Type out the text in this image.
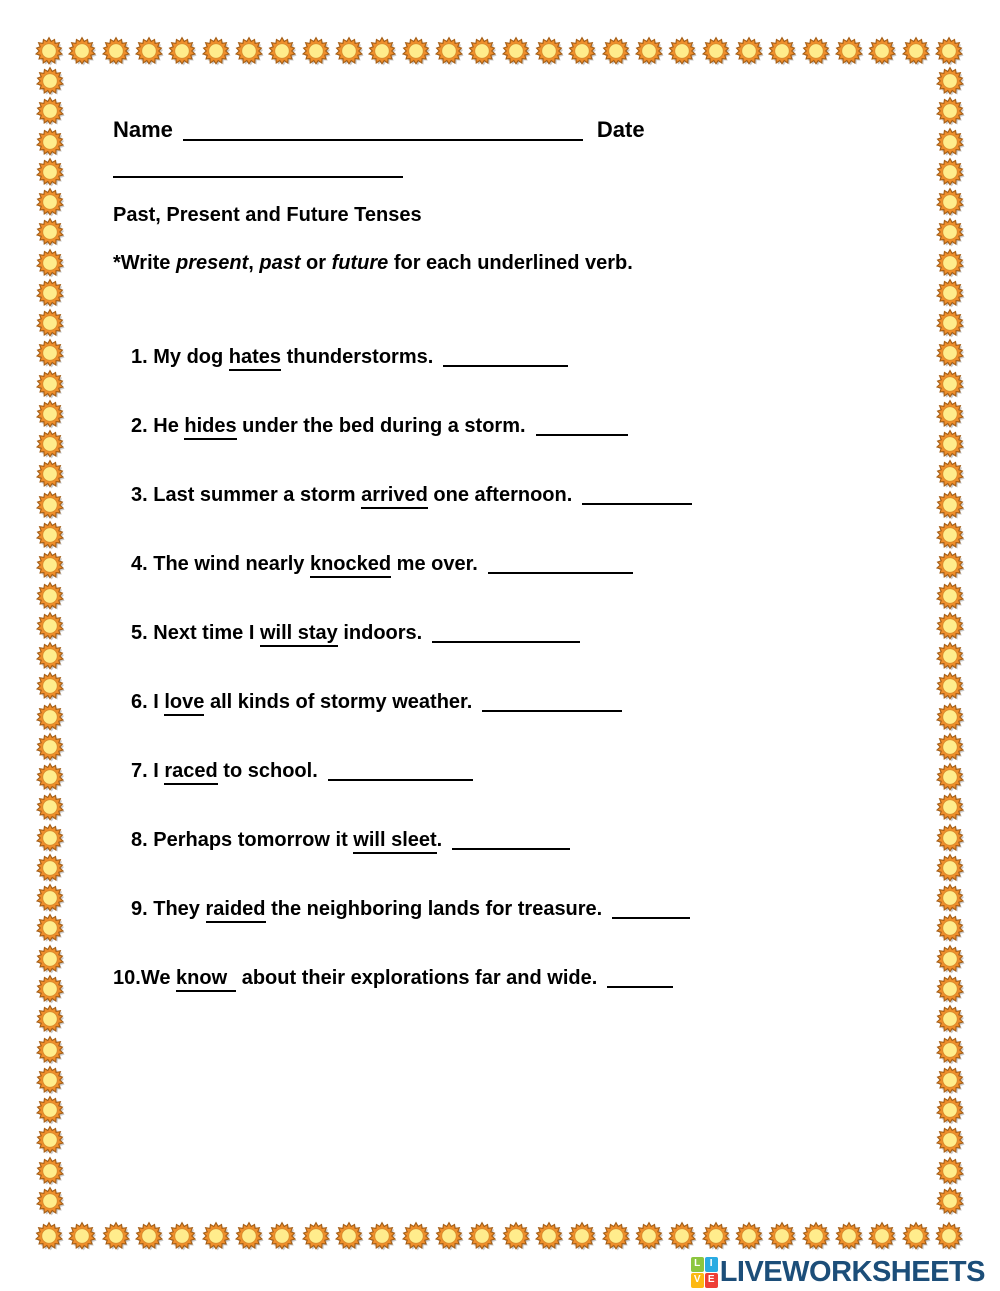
Name	Date
Past, Present and Future Tenses
*Write present, past or future for each underlined verb.
1. My dog hates thunderstorms.
2. He hides under the bed during a storm.
3. Last summer a storm arrived one afternoon.
4. The wind nearly knocked me over.
5. Next time I will stay indoors.
6. I love all kinds of stormy weather.
7. I raced to school.
8. Perhaps tomorrow it will sleet.
9. They raided the neighboring lands for treasure.
10.We know about their explorations far and wide.
L I
V E LIVEWORKSHEETS
